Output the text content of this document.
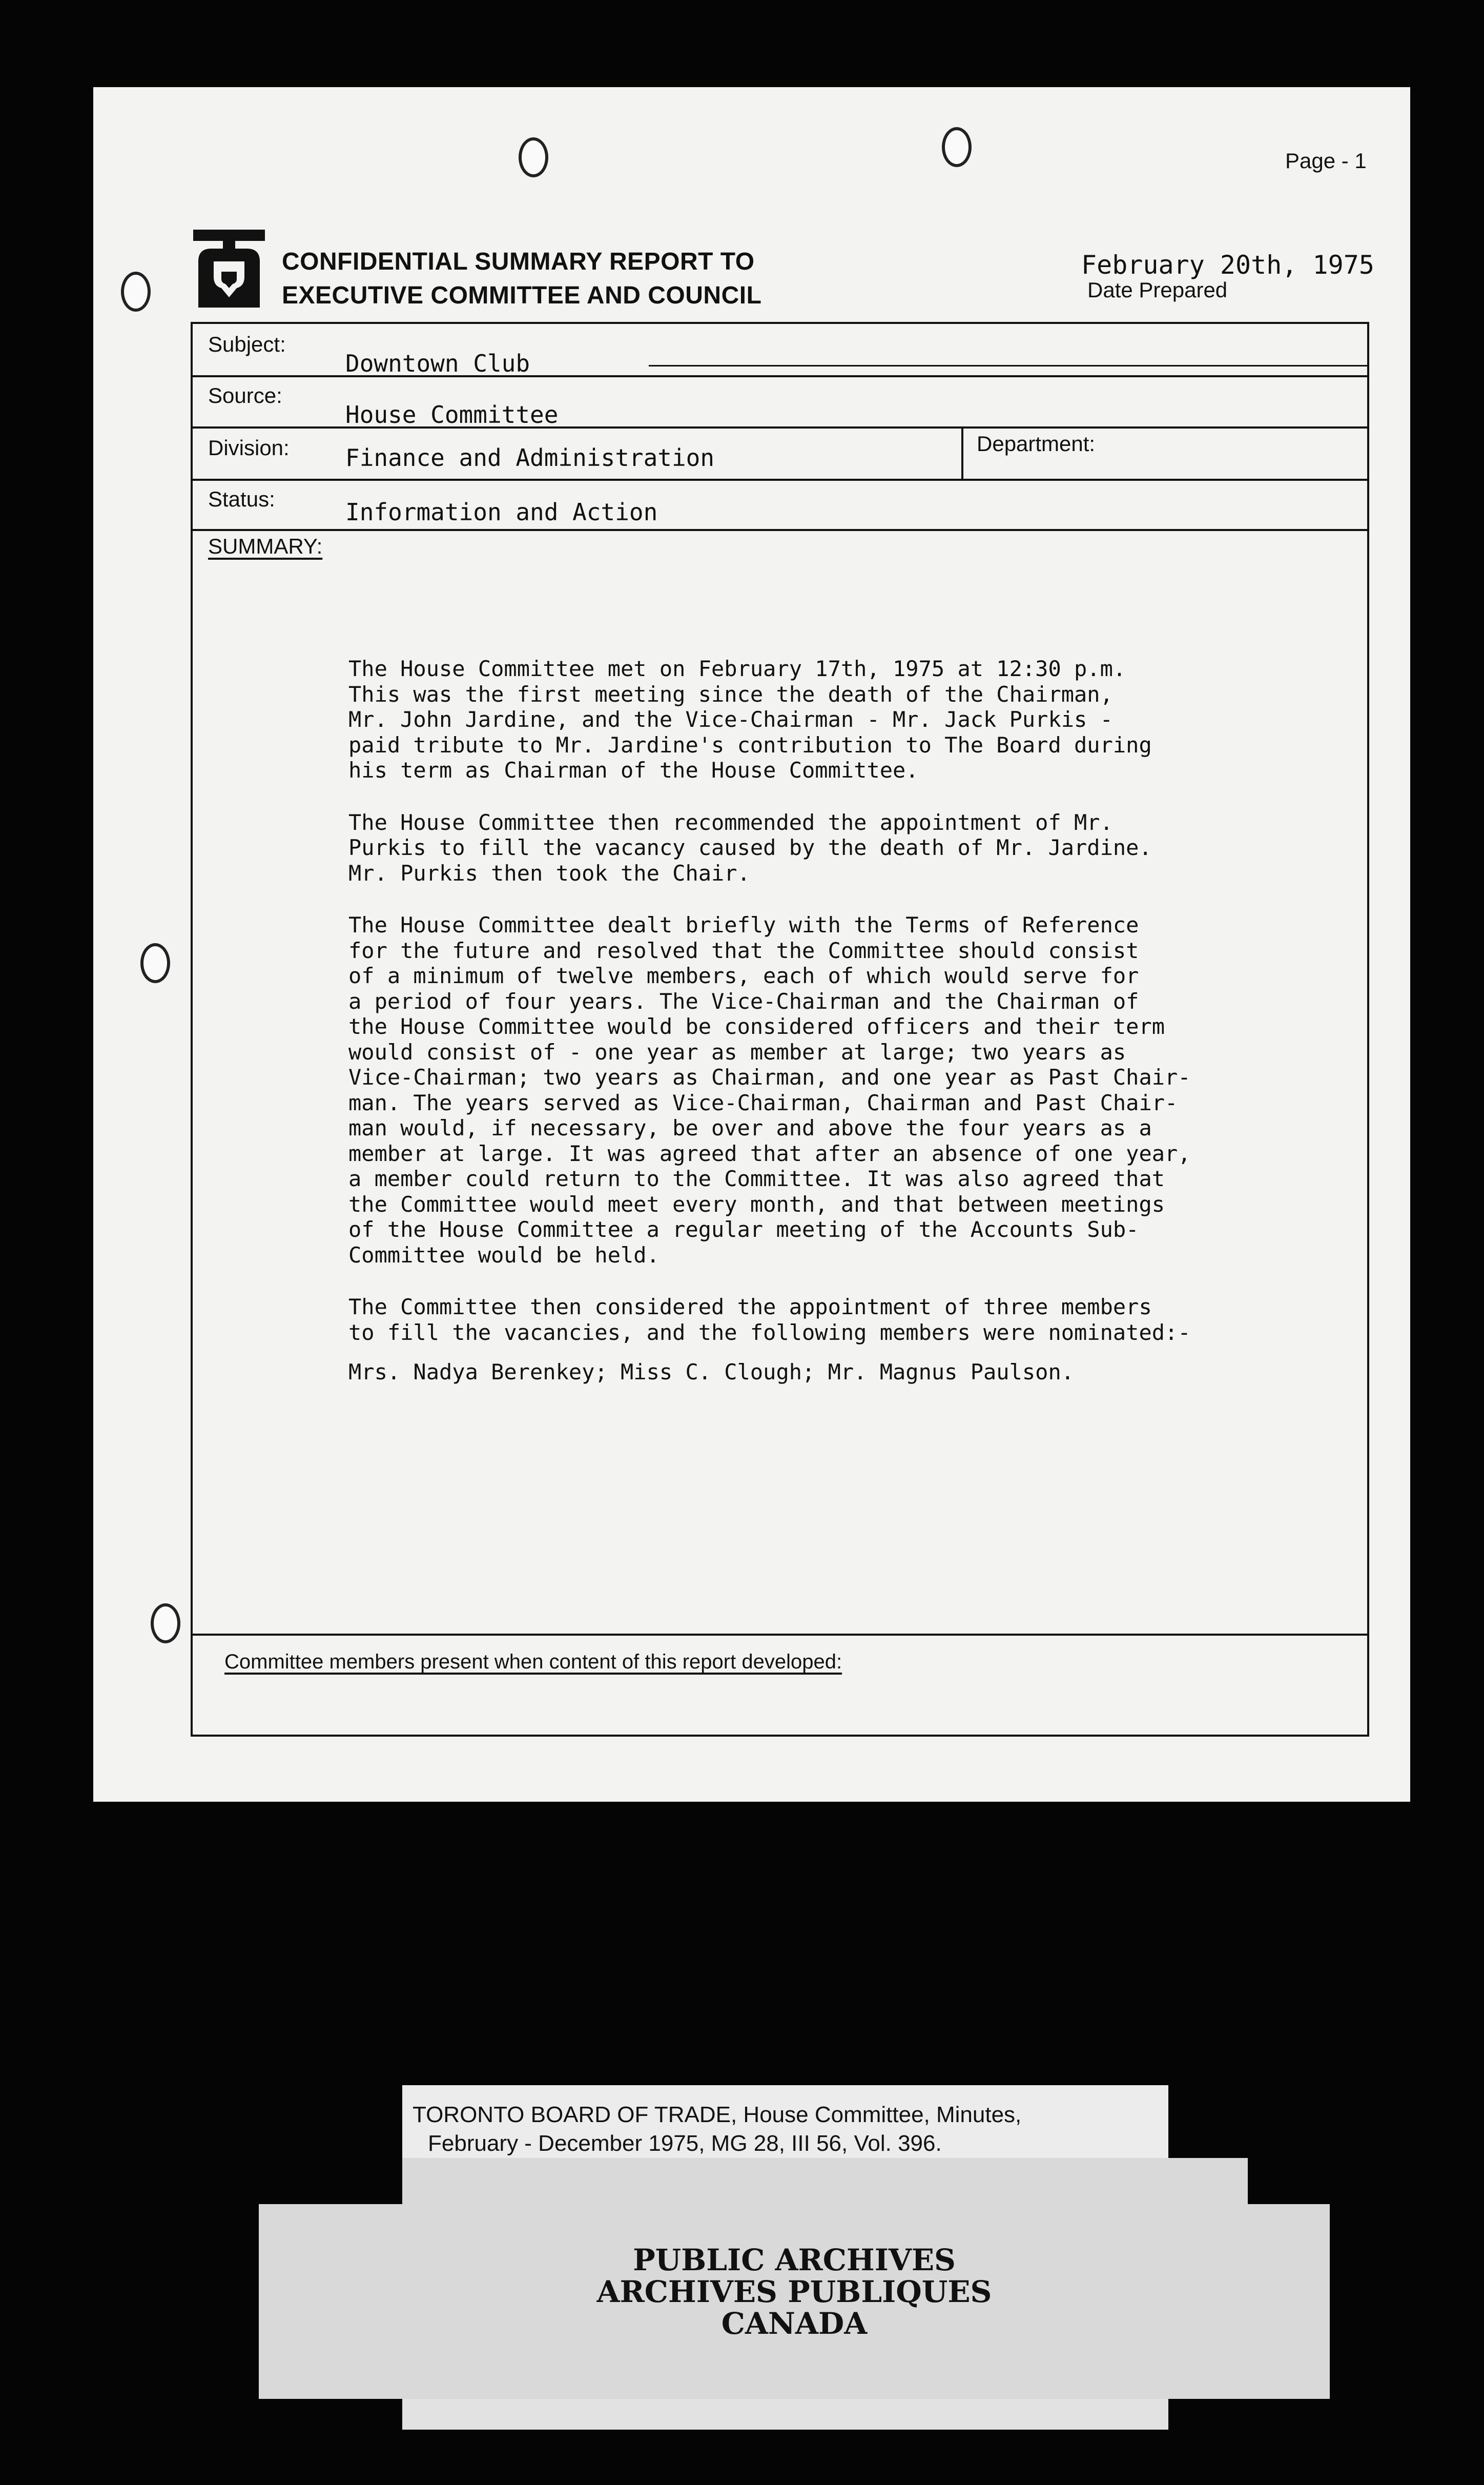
Page - 1
CONFIDENTIAL SUMMARY REPORT TO
EXECUTIVE COMMITTEE AND COUNCIL
February 20th, 1975
Date Prepared
Subject:
Downtown Club
Source:
House Committee
Division: Finance and Administration
Department:
Status:	Information and Action
SUMMARY:
Committee members present when content of this report developed:

The House Committee met on February 17th, 1975 at 12:30 p.m.
This was the first meeting since the death of the Chairman,
Mr. John Jardine, and the Vice-Chairman - Mr. Jack Purkis -
paid tribute to Mr. Jardine's contribution to The Board during
his term as Chairman of the House Committee.

The House Committee then recommended the appointment of Mr.
Purkis to fill the vacancy caused by the death of Mr. Jardine.
Mr. Purkis then took the Chair.

The House Committee dealt briefly with the Terms of Reference
for the future and resolved that the Committee should consist
of a minimum of twelve members, each of which would serve for
a period of four years. The Vice-Chairman and the Chairman of
the House Committee would be considered officers and their term
would consist of - one year as member at large; two years as
Vice-Chairman; two years as Chairman, and one year as Past Chair-
man. The years served as Vice-Chairman, Chairman and Past Chair-
man would, if necessary, be over and above the four years as a
member at large. It was agreed that after an absence of one year,
a member could return to the Committee. It was also agreed that
the Committee would meet every month, and that between meetings
of the House Committee a regular meeting of the Accounts Sub-
Committee would be held.

The Committee then considered the appointment of three members
to fill the vacancies, and the following members were nominated:-

Mrs. Nadya Berenkey; Miss C. Clough; Mr. Magnus Paulson.

TORONTO BOARD OF TRADE, House Committee, Minutes,
February - December 1975, MG 28, III 56, Vol. 396.
PUBLIC ARCHIVES
ARCHIVES PUBLIQUES
CANADA
